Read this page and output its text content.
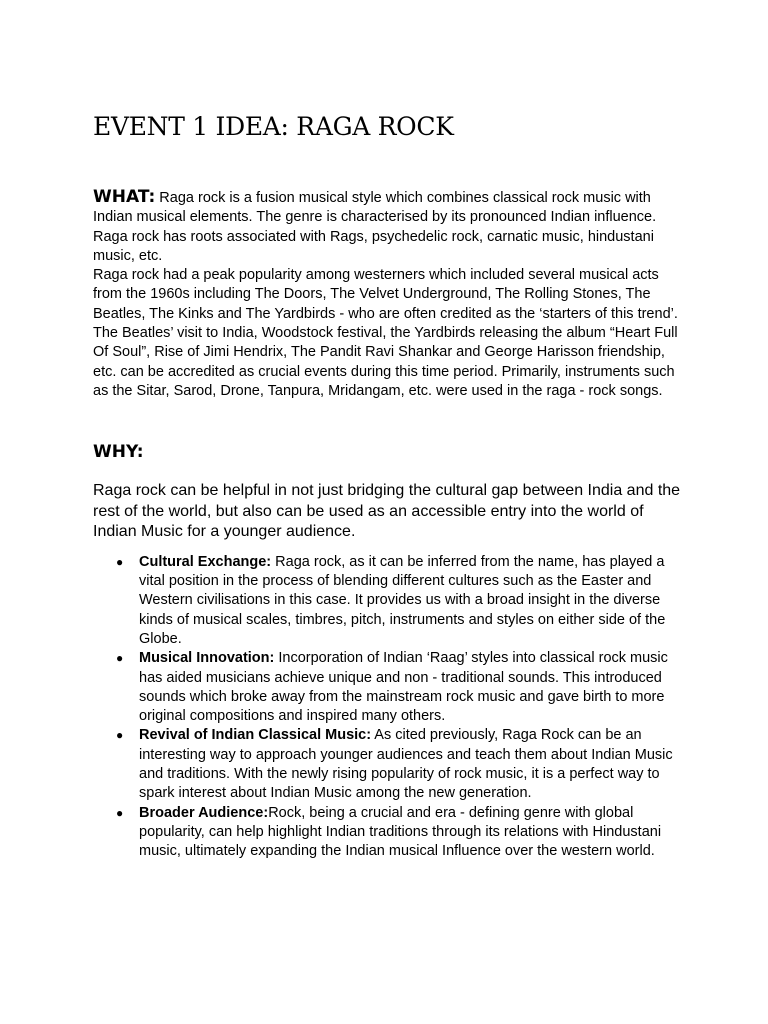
EVENT 1 IDEA: RAGA ROCK

WHAT: Raga rock is a fusion musical style which combines classical rock music with Indian musical elements. The genre is characterised by its pronounced Indian influence. Raga rock has roots associated with Rags, psychedelic rock, carnatic music, hindustani music, etc.

Raga rock had a peak popularity among westerners which included several musical acts from the 1960s including The Doors, The Velvet Underground, The Rolling Stones, The Beatles, The Kinks and The Yardbirds - who are often credited as the ‘starters of this trend’.

The Beatles’ visit to India, Woodstock festival, the Yardbirds releasing the album “Heart Full Of Soul”, Rise of Jimi Hendrix, The Pandit Ravi Shankar and George Harisson friendship, etc. can be accredited as crucial events during this time period. Primarily, instruments such as the Sitar, Sarod, Drone, Tanpura, Mridangam, etc. were used in the raga - rock songs.

WHY:

Raga rock can be helpful in not just bridging the cultural gap between India and the rest of the world, but also can be used as an accessible entry into the world of Indian Music for a younger audience.

● Cultural Exchange: Raga rock, as it can be inferred from the name, has played a vital position in the process of blending different cultures such as the Easter and Western civilisations in this case. It provides us with a broad insight in the diverse kinds of musical scales, timbres, pitch, instruments and styles on either side of the Globe.
● Musical Innovation: Incorporation of Indian ‘Raag’ styles into classical rock music has aided musicians achieve unique and non - traditional sounds. This introduced sounds which broke away from the mainstream rock music and gave birth to more original compositions and inspired many others.
● Revival of Indian Classical Music: As cited previously, Raga Rock can be an interesting way to approach younger audiences and teach them about Indian Music and traditions. With the newly rising popularity of rock music, it is a perfect way to spark interest about Indian Music among the new generation.
● Broader Audience:Rock, being a crucial and era - defining genre with global popularity, can help highlight Indian traditions through its relations with Hindustani music, ultimately expanding the Indian musical Influence over the western world.
